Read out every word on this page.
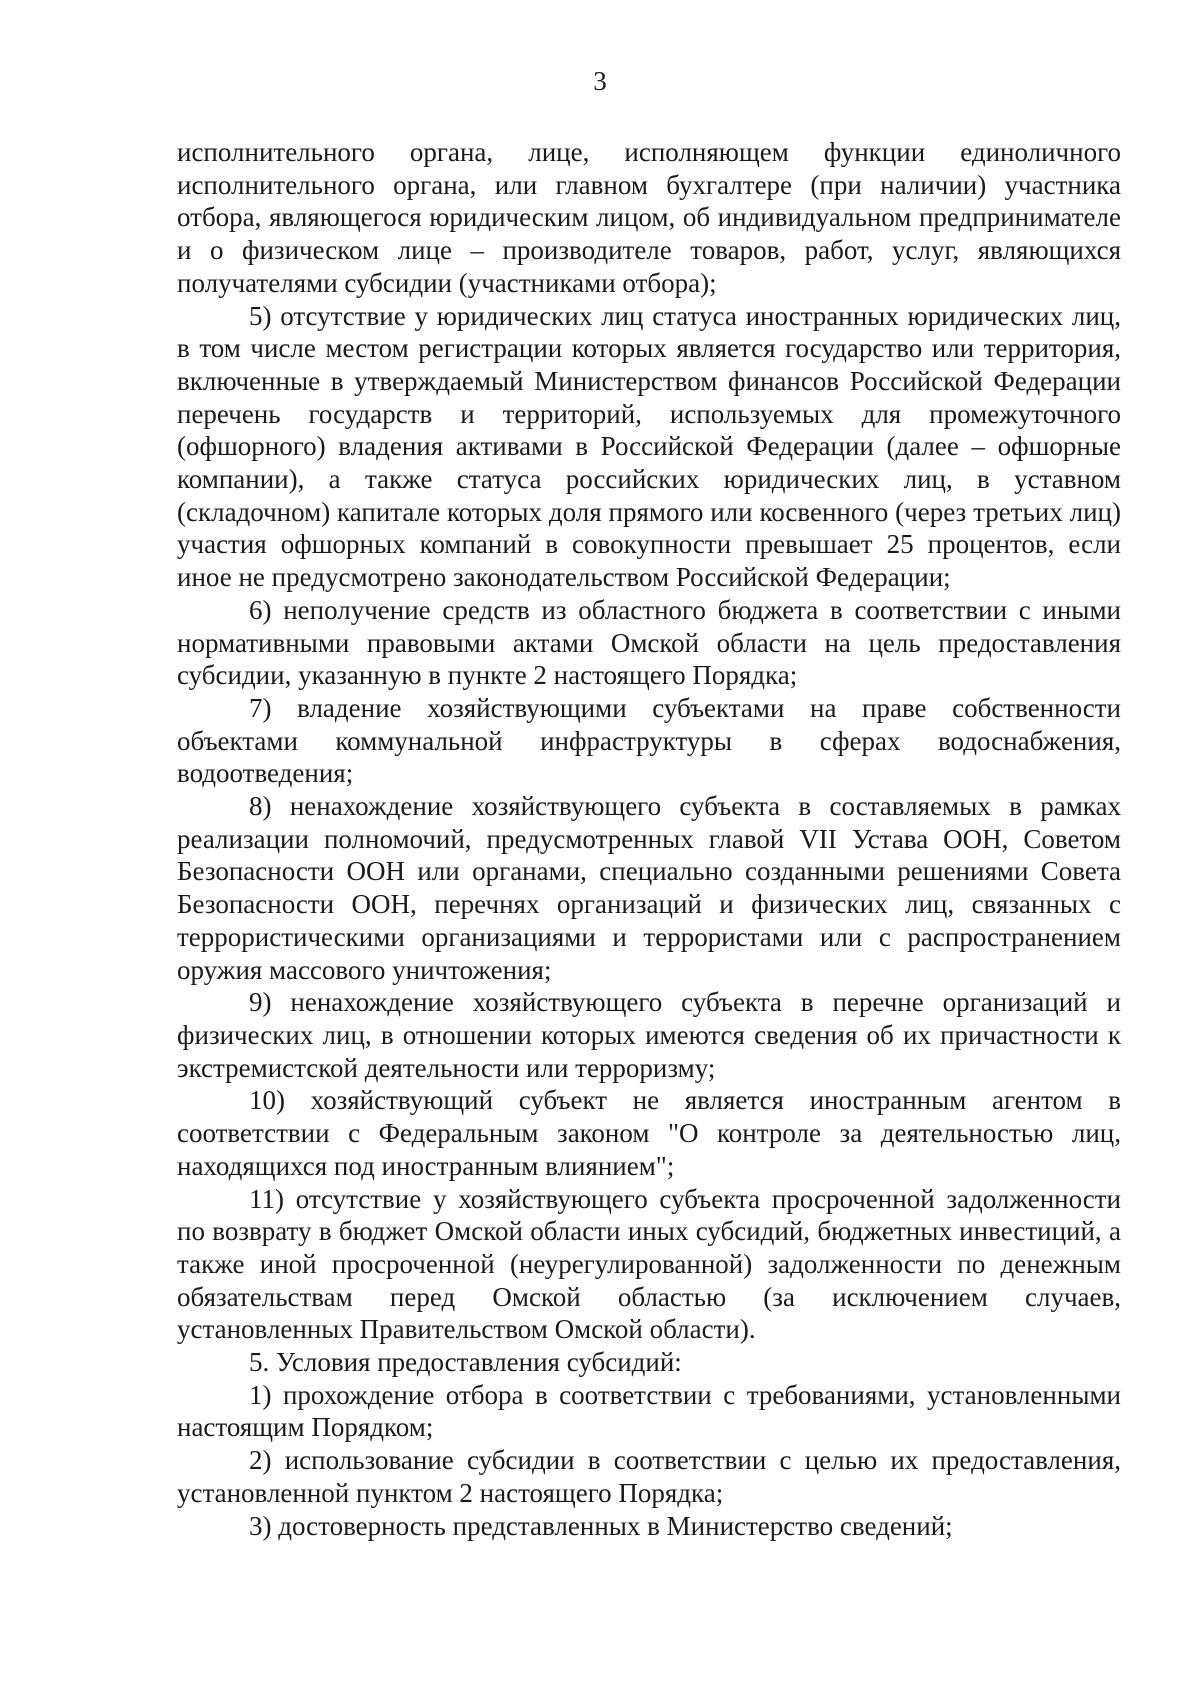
3

исполнительного органа, лице, исполняющем функции единоличного исполнительного органа, или главном бухгалтере (при наличии) участника отбора, являющегося юридическим лицом, об индивидуальном предпринимателе и о физическом лице – производителе товаров, работ, услуг, являющихся получателями субсидии (участниками отбора);

5) отсутствие у юридических лиц статуса иностранных юридических лиц, в том числе местом регистрации которых является государство или территория, включенные в утверждаемый Министерством финансов Российской Федерации перечень государств и территорий, используемых для промежуточного (офшорного) владения активами в Российской Федерации (далее – офшорные компании), а также статуса российских юридических лиц, в уставном (складочном) капитале которых доля прямого или косвенного (через третьих лиц) участия офшорных компаний в совокупности превышает 25 процентов, если иное не предусмотрено законодательством Российской Федерации;

6) неполучение средств из областного бюджета в соответствии с иными нормативными правовыми актами Омской области на цель предоставления субсидии, указанную в пункте 2 настоящего Порядка;

7) владение хозяйствующими субъектами на праве собственности объектами коммунальной инфраструктуры в сферах водоснабжения, водоотведения;

8) ненахождение хозяйствующего субъекта в составляемых в рамках реализации полномочий, предусмотренных главой VII Устава ООН, Советом Безопасности ООН или органами, специально созданными решениями Совета Безопасности ООН, перечнях организаций и физических лиц, связанных с террористическими организациями и террористами или с распространением оружия массового уничтожения;

9) ненахождение хозяйствующего субъекта в перечне организаций и физических лиц, в отношении которых имеются сведения об их причастности к экстремистской деятельности или терроризму;

10) хозяйствующий субъект не является иностранным агентом в соответствии с Федеральным законом "О контроле за деятельностью лиц, находящихся под иностранным влиянием";

11) отсутствие у хозяйствующего субъекта просроченной задолженности по возврату в бюджет Омской области иных субсидий, бюджетных инвестиций, а также иной просроченной (неурегулированной) задолженности по денежным обязательствам перед Омской областью (за исключением случаев, установленных Правительством Омской области).

5. Условия предоставления субсидий:

1) прохождение отбора в соответствии с требованиями, установленными настоящим Порядком;

2) использование субсидии в соответствии с целью их предоставления, установленной пунктом 2 настоящего Порядка;

3) достоверность представленных в Министерство сведений;
